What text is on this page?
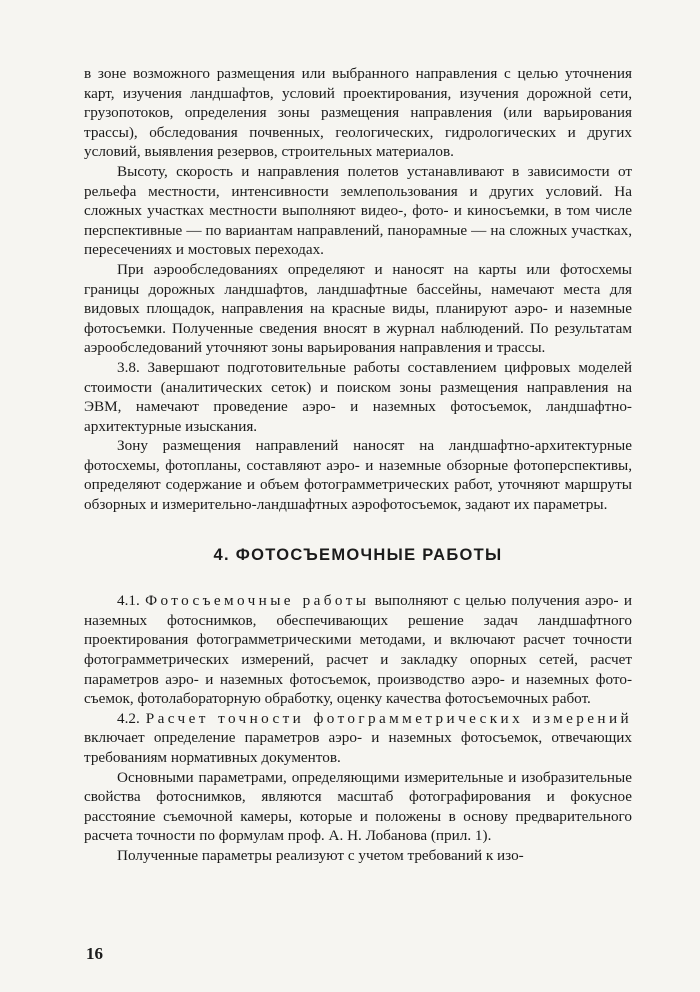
в зоне возможного размещения или выбранного направления с целью уточнения карт, изучения ландшафтов, условий проектирования, изучения дорожной сети, грузопотоков, определения зоны размещения направления (или варьирования трассы), обследования почвенных, геологических, гидрологических и других условий, выявления резервов, строительных материалов.

Высоту, скорость и направления полетов устанавливают в зависимости от рельефа местности, интенсивности землепользования и других условий. На сложных участках местности выполняют видео-, фото- и киносъемки, в том числе перспективные — по вариантам направлений, панорамные — на сложных участках, пересечениях и мостовых переходах.

При аэрообследованиях определяют и наносят на карты или фотосхемы границы дорожных ландшафтов, ландшафтные бассейны, намечают места для видовых площадок, направления на красные виды, планируют аэро- и наземные фотосъемки. Полученные сведения вносят в журнал наблюдений. По результатам аэрообследований уточняют зоны варьирования направления и трассы.

3.8. Завершают подготовительные работы составлением цифровых моделей стоимости (аналитических сеток) и поиском зоны размещения направления на ЭВМ, намечают проведение аэро- и наземных фотосъемок, ландшафтно-архитектурные изыскания.

Зону размещения направлений наносят на ландшафтно-архитектурные фотосхемы, фотопланы, составляют аэро- и наземные обзорные фотоперспективы, определяют содержание и объем фотограмметрических работ, уточняют маршруты обзорных и измерительно-ландшафтных аэрофотосъемок, задают их параметры.

4. ФОТОСЪЕМОЧНЫЕ РАБОТЫ

4.1. Фотосъемочные работы выполняют с целью получения аэро- и наземных фотоснимков, обеспечивающих решение задач ландшафтного проектирования фотограмметрическими методами, и включают расчет точности фотограмметрических измерений, расчет и закладку опорных сетей, расчет параметров аэро- и наземных фотосъемок, производство аэро- и наземных фотосъемок, фотолабораторную обработку, оценку качества фотосъемочных работ.

4.2. Расчет точности фотограмметрических измерений включает определение параметров аэро- и наземных фотосъемок, отвечающих требованиям нормативных документов.

Основными параметрами, определяющими измерительные и изобразительные свойства фотоснимков, являются масштаб фотографирования и фокусное расстояние съемочной камеры, которые и положены в основу предварительного расчета точности по формулам проф. А. Н. Лобанова (прил. 1).

Полученные параметры реализуют с учетом требований к изо-

16
